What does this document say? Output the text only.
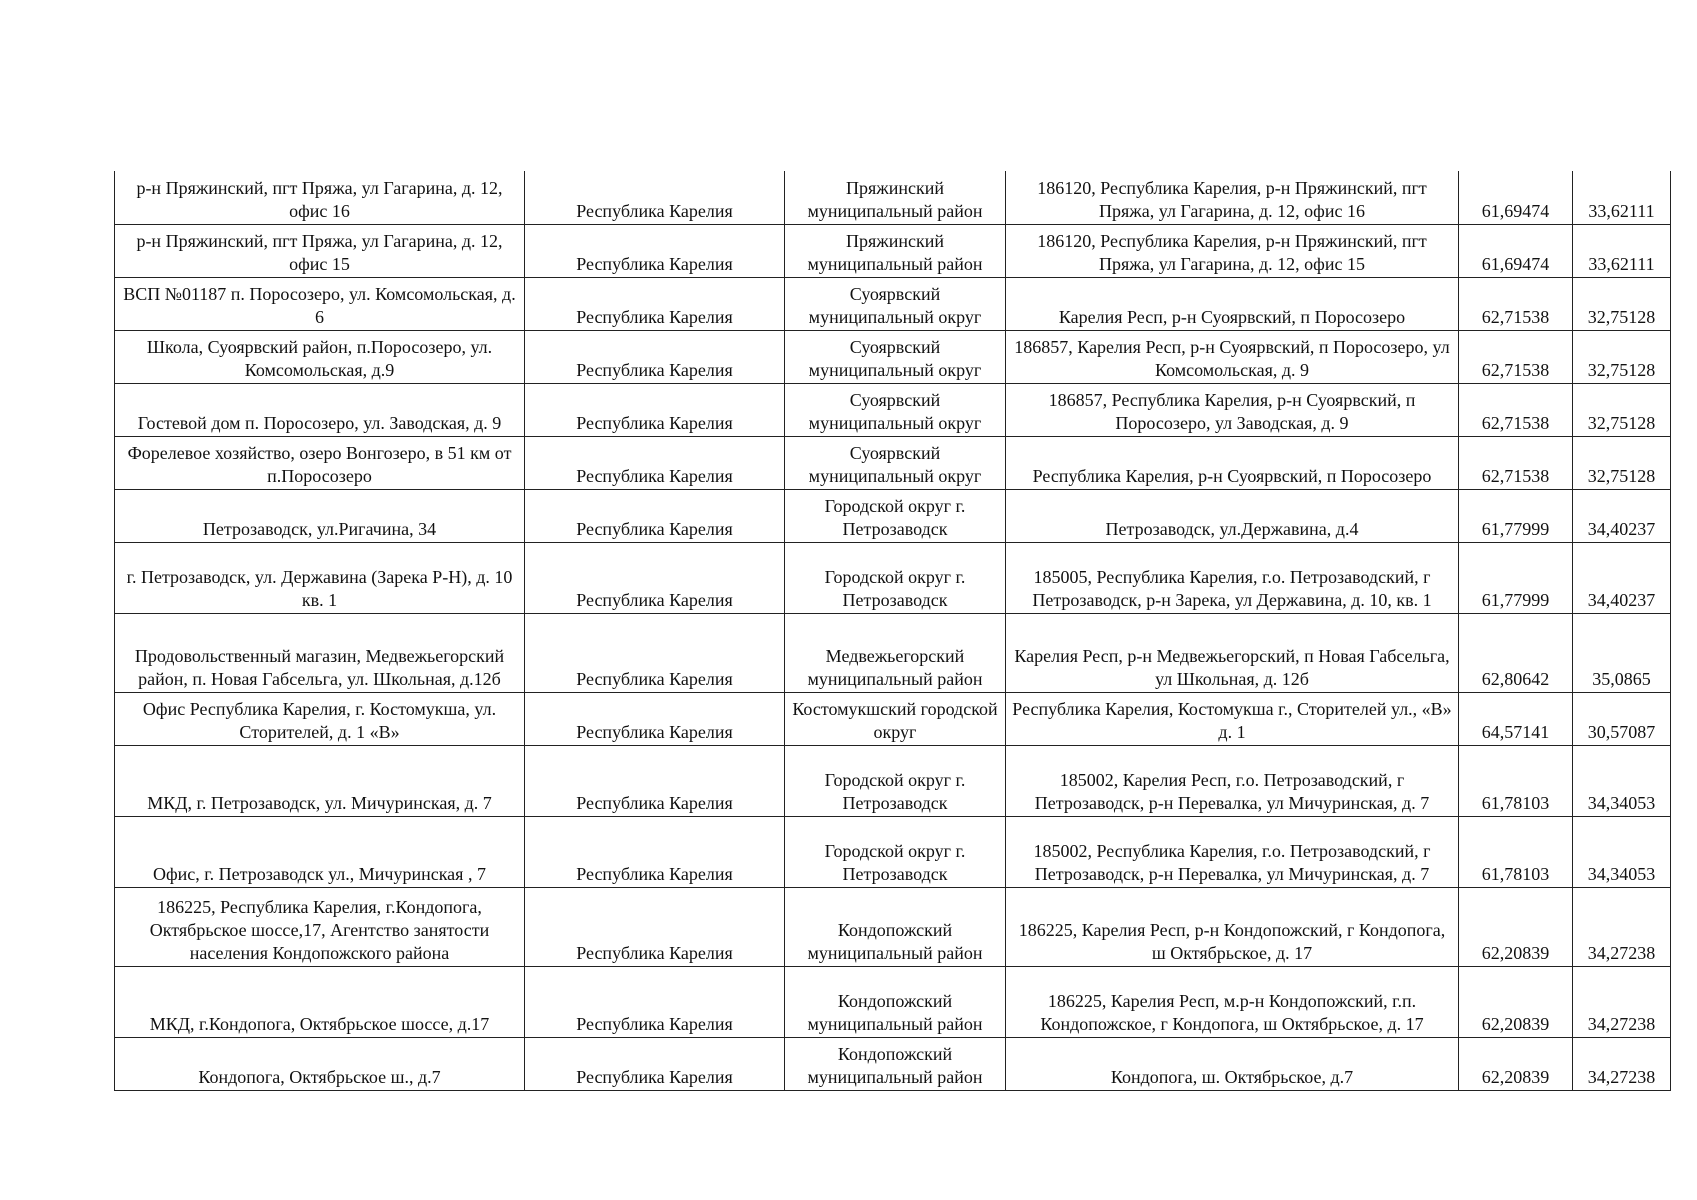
р-н Пряжинский, пгт Пряжа, ул Гагарина, д. 12, офис 16	Республика Карелия	Пряжинский муниципальный район	186120, Республика Карелия, р-н Пряжинский, пгт Пряжа, ул Гагарина, д. 12, офис 16	61,69474	33,62111
р-н Пряжинский, пгт Пряжа, ул Гагарина, д. 12, офис 15	Республика Карелия	Пряжинский муниципальный район	186120, Республика Карелия, р-н Пряжинский, пгт Пряжа, ул Гагарина, д. 12, офис 15	61,69474	33,62111
ВСП №01187 п. Поросозеро, ул. Комсомольская, д. 6	Республика Карелия	Суоярвский муниципальный округ	Карелия Респ, р-н Суоярвский, п Поросозеро	62,71538	32,75128
Школа, Суоярвский район, п.Поросозеро, ул. Комсомольская, д.9	Республика Карелия	Суоярвский муниципальный округ	186857, Карелия Респ, р-н Суоярвский, п Поросозеро, ул Комсомольская, д. 9	62,71538	32,75128
Гостевой дом п. Поросозеро, ул. Заводская, д. 9	Республика Карелия	Суоярвский муниципальный округ	186857, Республика Карелия, р-н Суоярвский, п Поросозеро, ул Заводская, д. 9	62,71538	32,75128
Форелевое хозяйство, озеро Вонгозеро, в 51 км от п.Поросозеро	Республика Карелия	Суоярвский муниципальный округ	Республика Карелия, р-н Суоярвский, п Поросозеро	62,71538	32,75128
Петрозаводск, ул.Ригачина, 34	Республика Карелия	Городской округ г. Петрозаводск	Петрозаводск, ул.Державина, д.4	61,77999	34,40237
г. Петрозаводск, ул. Державина (Зарека Р-Н), д. 10 кв. 1	Республика Карелия	Городской округ г. Петрозаводск	185005, Республика Карелия, г.о. Петрозаводский, г Петрозаводск, р-н Зарека, ул Державина, д. 10, кв. 1	61,77999	34,40237
Продовольственный магазин, Медвежьегорский район, п. Новая Габсельга, ул. Школьная, д.12б	Республика Карелия	Медвежьегорский муниципальный район	Карелия Респ, р-н Медвежьегорский, п Новая Габсельга, ул Школьная, д. 12б	62,80642	35,0865
Офис Республика Карелия, г. Костомукша, ул. Сторителей, д. 1 «В»	Республика Карелия	Костомукшский городской округ	Республика Карелия, Костомукша г., Сторителей ул., «В» д. 1	64,57141	30,57087
МКД, г. Петрозаводск, ул. Мичуринская, д. 7	Республика Карелия	Городской округ г. Петрозаводск	185002, Карелия Респ, г.о. Петрозаводский, г Петрозаводск, р-н Перевалка, ул Мичуринская, д. 7	61,78103	34,34053
Офис, г. Петрозаводск ул., Мичуринская , 7	Республика Карелия	Городской округ г. Петрозаводск	185002, Республика Карелия, г.о. Петрозаводский, г Петрозаводск, р-н Перевалка, ул Мичуринская, д. 7	61,78103	34,34053
186225, Республика Карелия, г.Кондопога, Октябрьское шоссе,17, Агентство занятости населения Кондопожского района	Республика Карелия	Кондопожский муниципальный район	186225, Карелия Респ, р-н Кондопожский, г Кондопога, ш Октябрьское, д. 17	62,20839	34,27238
МКД, г.Кондопога, Октябрьское шоссе, д.17	Республика Карелия	Кондопожский муниципальный район	186225, Карелия Респ, м.р-н Кондопожский, г.п. Кондопожское, г Кондопога, ш Октябрьское, д. 17	62,20839	34,27238
Кондопога, Октябрьское ш., д.7	Республика Карелия	Кондопожский муниципальный район	Кондопога, ш. Октябрьское, д.7	62,20839	34,27238
